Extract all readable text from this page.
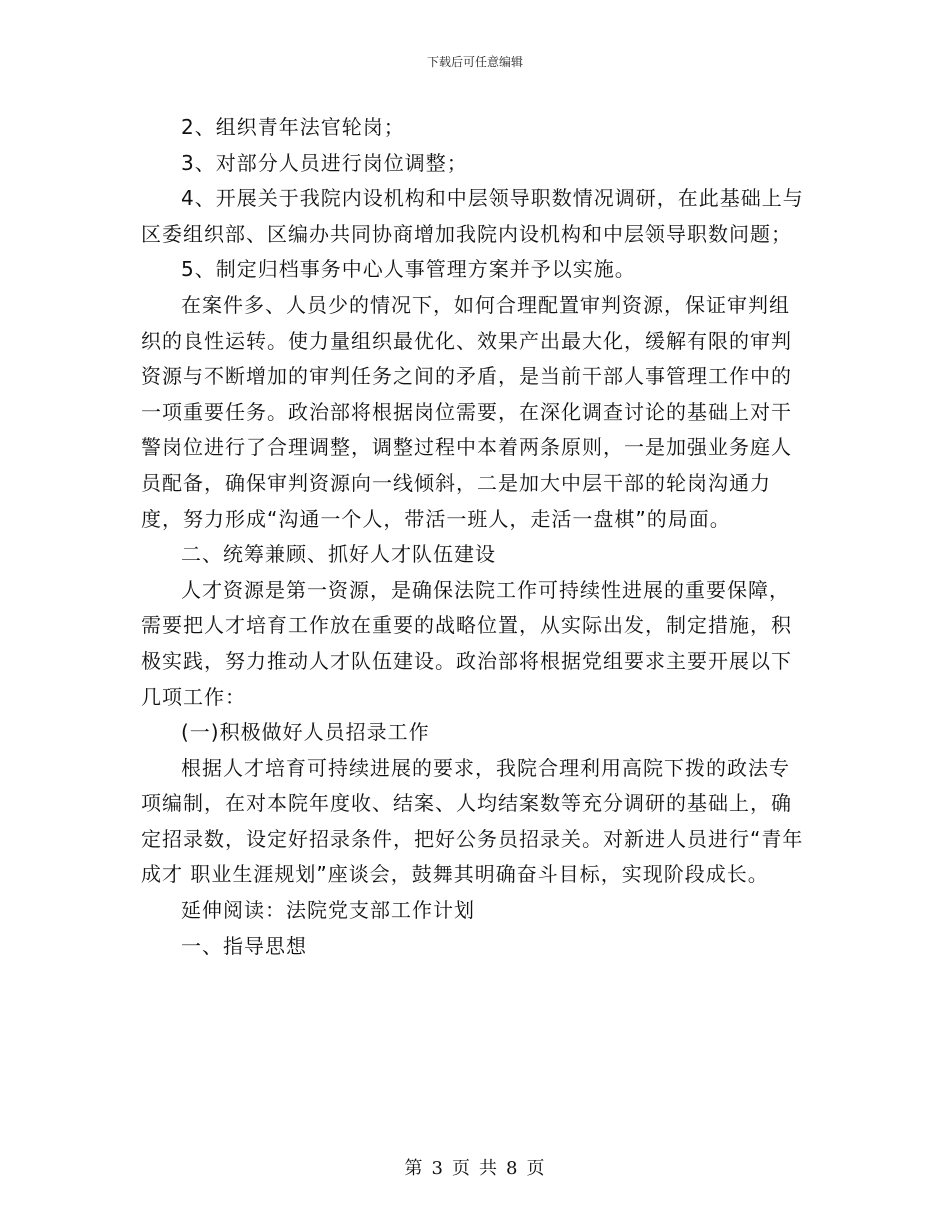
下载后可任意编辑

2、组织青年法官轮岗；

3、对部分人员进行岗位调整；

4、开展关于我院内设机构和中层领导职数情况调研，在此基础上与区委组织部、区编办共同协商增加我院内设机构和中层领导职数问题；

5、制定归档事务中心人事管理方案并予以实施。

在案件多、人员少的情况下，如何合理配置审判资源，保证审判组织的良性运转。使力量组织最优化、效果产出最大化，缓解有限的审判资源与不断增加的审判任务之间的矛盾，是当前干部人事管理工作中的一项重要任务。政治部将根据岗位需要，在深化调查讨论的基础上对干警岗位进行了合理调整，调整过程中本着两条原则，一是加强业务庭人员配备，确保审判资源向一线倾斜，二是加大中层干部的轮岗沟通力度，努力形成“沟通一个人，带活一班人，走活一盘棋”的局面。

二、统筹兼顾、抓好人才队伍建设

人才资源是第一资源，是确保法院工作可持续性进展的重要保障，需要把人才培育工作放在重要的战略位置，从实际出发，制定措施，积极实践，努力推动人才队伍建设。政治部将根据党组要求主要开展以下几项工作：

(一)积极做好人员招录工作

根据人才培育可持续进展的要求，我院合理利用高院下拨的政法专项编制，在对本院年度收、结案、人均结案数等充分调研的基础上，确定招录数，设定好招录条件，把好公务员招录关。对新进人员进行“青年成才 职业生涯规划”座谈会，鼓舞其明确奋斗目标，实现阶段成长。

延伸阅读：法院党支部工作计划

一、指导思想

第 3 页 共 8 页
